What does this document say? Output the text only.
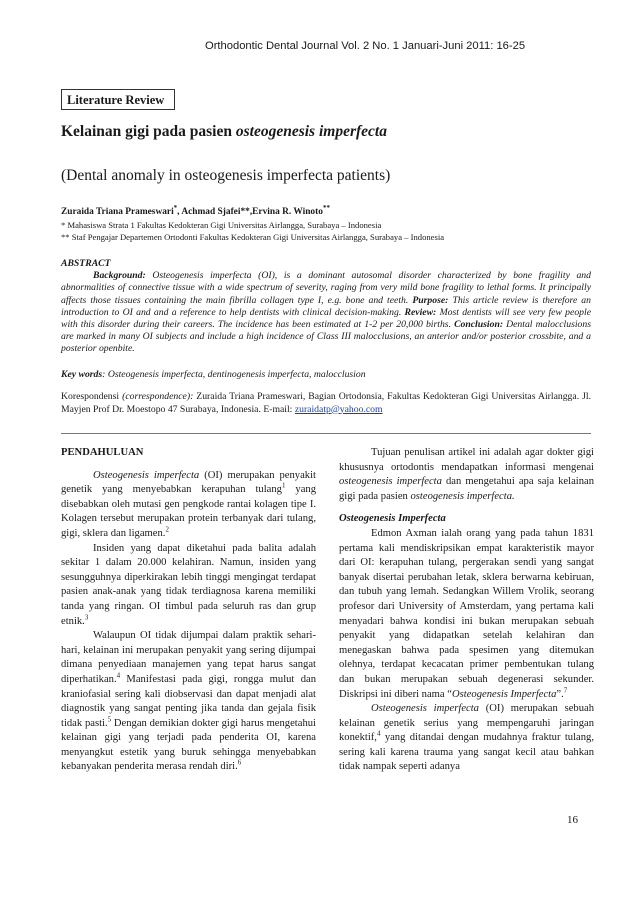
Orthodontic Dental Journal Vol. 2 No. 1 Januari-Juni 2011: 16-25
Literature Review
Kelainan gigi pada pasien osteogenesis imperfecta
(Dental anomaly in osteogenesis imperfecta patients)
Zuraida Triana Prameswari*, Achmad Sjafei**,Ervina R. Winoto**
* Mahasiswa Strata 1 Fakultas Kedokteran Gigi Universitas Airlangga, Surabaya – Indonesia
** Staf Pengajar Departemen Ortodonti Fakultas Kedokteran Gigi Universitas Airlangga, Surabaya – Indonesia

ABSTRACT

Background: Osteogenesis imperfecta (OI), is a dominant autosomal disorder characterized by bone fragility and abnormalities of connective tissue with a wide spectrum of severity, raging from very mild bone fragility to lethal forms. It principally affects those tissues containing the main fibrilla collagen type I, e.g. bone and teeth. Purpose: This article review is therefore an introduction to OI and and a reference to help dentists with clinical decision-making. Review: Most dentists will see very few people with this disorder during their careers. The incidence has been estimated at 1-2 per 20,000 births. Conclusion: Dental malocclusions are marked in many OI subjects and include a high incidence of Class III malocclusions, an anterior and/or posterior crossbite, and a posterior openbite.

Key words: Osteogenesis imperfecta, dentinogenesis imperfecta, malocclusion
Korespondensi (correspondence): Zuraida Triana Prameswari, Bagian Ortodonsia, Fakultas Kedokteran Gigi Universitas Airlangga. Jl. Mayjen Prof Dr. Moestopo 47 Surabaya, Indonesia. E-mail: zuraidatp@yahoo.com

PENDAHULUAN

Osteogenesis imperfecta (OI) merupakan penyakit genetik yang menyebabkan kerapuhan tulang$^1$ yang disebabkan oleh mutasi gen pengkode rantai kolagen tipe I. Kolagen tersebut merupakan protein terbanyak dari tulang, gigi, sklera dan ligamen.$^2$

Insiden yang dapat diketahui pada balita adalah sekitar 1 dalam 20.000 kelahiran. Namun, insiden yang sesungguhnya diperkirakan lebih tinggi mengingat terdapat pasien anak-anak yang tidak terdiagnosa karena memiliki tanda yang ringan. OI timbul pada seluruh ras dan grup etnik.$^3$

Walaupun OI tidak dijumpai dalam praktik sehari-hari, kelainan ini merupakan penyakit yang sering dijumpai dimana penyediaan manajemen yang tepat harus sangat diperhatikan.$^4$ Manifestasi pada gigi, rongga mulut dan kraniofasial sering kali diobservasi dan dapat menjadi alat diagnostik yang sangat penting jika tanda dan gejala fisik tidak pasti.$^5$ Dengan demikian dokter gigi harus mengetahui kelainan gigi yang terjadi pada penderita OI, karena menyangkut estetik yang buruk sehingga menyebabkan kebanyakan penderita merasa rendah diri.$^6$

Tujuan penulisan artikel ini adalah agar dokter gigi khususnya ortodontis mendapatkan informasi mengenai osteogenesis imperfecta dan mengetahui apa saja kelainan gigi pada pasien osteogenesis imperfecta.

Osteogenesis Imperfecta

Edmon Axman ialah orang yang pada tahun 1831 pertama kali mendiskripsikan empat karakteristik mayor dari OI: kerapuhan tulang, pergerakan sendi yang sangat banyak disertai perubahan letak, sklera berwarna kebiruan, dan tubuh yang lemah. Sedangkan Willem Vrolik, seorang profesor dari University of Amsterdam, yang pertama kali menyadari bahwa kondisi ini bukan merupakan sebuah penyakit yang didapatkan setelah kelahiran dan menegaskan bahwa pada spesimen yang ditemukan olehnya, terdapat kecacatan primer pembentukan tulang dan bukan merupakan sebuah degenerasi sekunder. Diskripsi ini diberi nama “Osteogenesis Imperfecta”.$^7$

Osteogenesis imperfecta (OI) merupakan sebuah kelainan genetik serius yang mempengaruhi jaringan konektif,$^4$ yang ditandai dengan mudahnya fraktur tulang, sering kali karena trauma yang sangat kecil atau bahkan tidak nampak seperti adanya

16
